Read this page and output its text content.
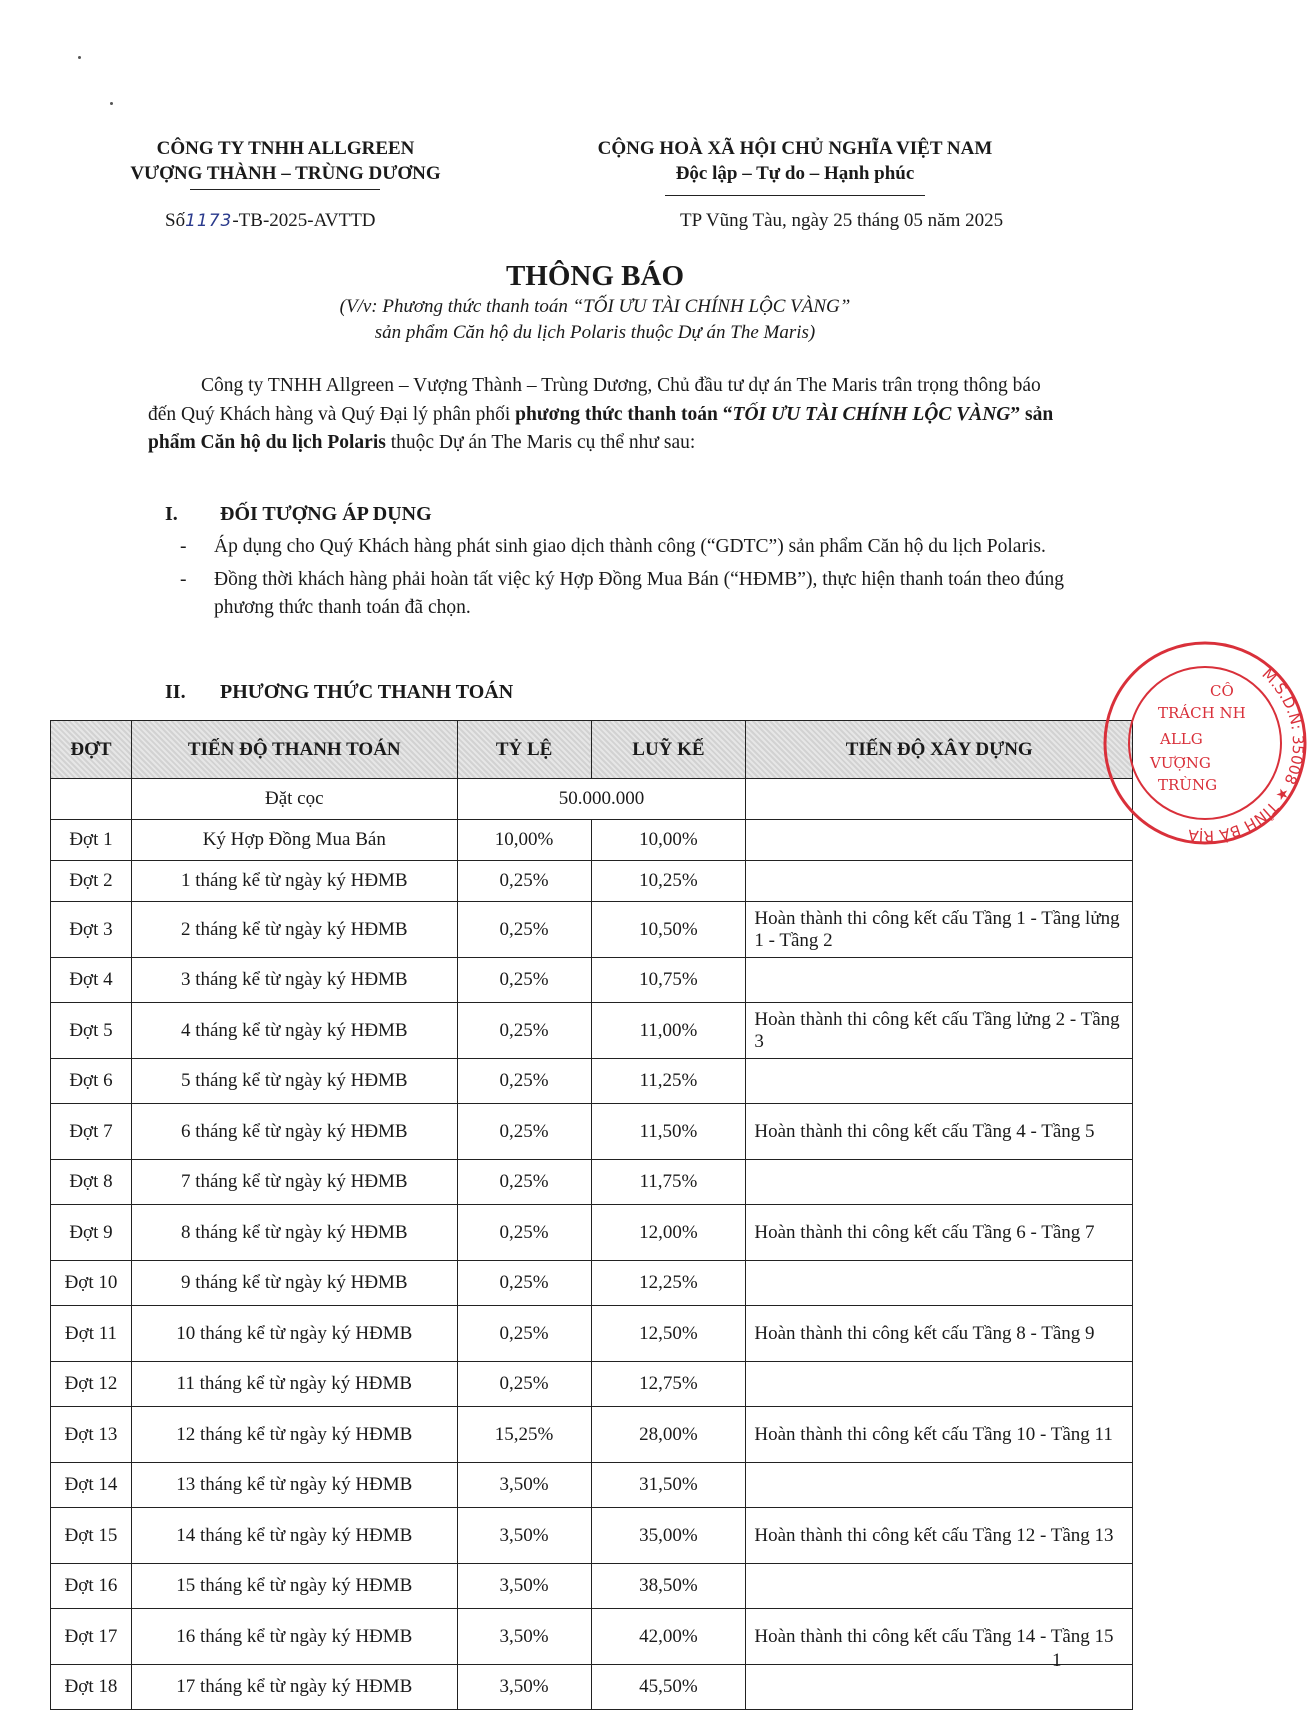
CÔNG TY TNHH ALLGREEN
VƯỢNG THÀNH – TRÙNG DƯƠNG
CỘNG HOÀ XÃ HỘI CHỦ NGHĨA VIỆT NAM
Độc lập – Tự do – Hạnh phúc
Số1173-TB-2025-AVTTD	TP Vũng Tàu, ngày 25 tháng 05 năm 2025
THÔNG BÁO
(V/v: Phương thức thanh toán “TỐI ƯU TÀI CHÍNH LỘC VÀNG”
sản phẩm Căn hộ du lịch Polaris thuộc Dự án The Maris)
Công ty TNHH Allgreen – Vượng Thành – Trùng Dương, Chủ đầu tư dự án The Maris trân trọng thông báo đến Quý Khách hàng và Quý Đại lý phân phối phương thức thanh toán “TỐI ƯU TÀI CHÍNH LỘC VÀNG” sản phẩm Căn hộ du lịch Polaris thuộc Dự án The Maris cụ thể như sau:
I. ĐỐI TƯỢNG ÁP DỤNG
- Áp dụng cho Quý Khách hàng phát sinh giao dịch thành công (“GDTC”) sản phẩm Căn hộ du lịch Polaris.
- Đồng thời khách hàng phải hoàn tất việc ký Hợp Đồng Mua Bán (“HĐMB”), thực hiện thanh toán theo đúng phương thức thanh toán đã chọn.
II. PHƯƠNG THỨC THANH TOÁN
ĐỢT	TIẾN ĐỘ THANH TOÁN	TỶ LỆ	LUỸ KẾ	TIẾN ĐỘ XÂY DỰNG
	Đặt cọc	50.000.000		
Đợt 1	Ký Hợp Đồng Mua Bán	10,00%	10,00%	
Đợt 2	1 tháng kể từ ngày ký HĐMB	0,25%	10,25%	
Đợt 3	2 tháng kể từ ngày ký HĐMB	0,25%	10,50%	Hoàn thành thi công kết cấu Tầng 1 - Tầng lửng 1 - Tầng 2
Đợt 4	3 tháng kể từ ngày ký HĐMB	0,25%	10,75%	
Đợt 5	4 tháng kể từ ngày ký HĐMB	0,25%	11,00%	Hoàn thành thi công kết cấu Tầng lửng 2 - Tầng 3
Đợt 6	5 tháng kể từ ngày ký HĐMB	0,25%	11,25%	
Đợt 7	6 tháng kể từ ngày ký HĐMB	0,25%	11,50%	Hoàn thành thi công kết cấu Tầng 4 - Tầng 5
Đợt 8	7 tháng kể từ ngày ký HĐMB	0,25%	11,75%	
Đợt 9	8 tháng kể từ ngày ký HĐMB	0,25%	12,00%	Hoàn thành thi công kết cấu Tầng 6 - Tầng 7
Đợt 10	9 tháng kể từ ngày ký HĐMB	0,25%	12,25%	
Đợt 11	10 tháng kể từ ngày ký HĐMB	0,25%	12,50%	Hoàn thành thi công kết cấu Tầng 8 - Tầng 9
Đợt 12	11 tháng kể từ ngày ký HĐMB	0,25%	12,75%	
Đợt 13	12 tháng kể từ ngày ký HĐMB	15,25%	28,00%	Hoàn thành thi công kết cấu Tầng 10 - Tầng 11
Đợt 14	13 tháng kể từ ngày ký HĐMB	3,50%	31,50%	
Đợt 15	14 tháng kể từ ngày ký HĐMB	3,50%	35,00%	Hoàn thành thi công kết cấu Tầng 12 - Tầng 13
Đợt 16	15 tháng kể từ ngày ký HĐMB	3,50%	38,50%	
Đợt 17	16 tháng kể từ ngày ký HĐMB	3,50%	42,00%	Hoàn thành thi công kết cấu Tầng 14 - Tầng 15
Đợt 18	17 tháng kể từ ngày ký HĐMB	3,50%	45,50%	
M.S.D.N: 35008 ★ TỈNH BÀ RỊA
CÔ
TRÁCH NH
ALLG
VƯỢNG
TRÙNG
1
